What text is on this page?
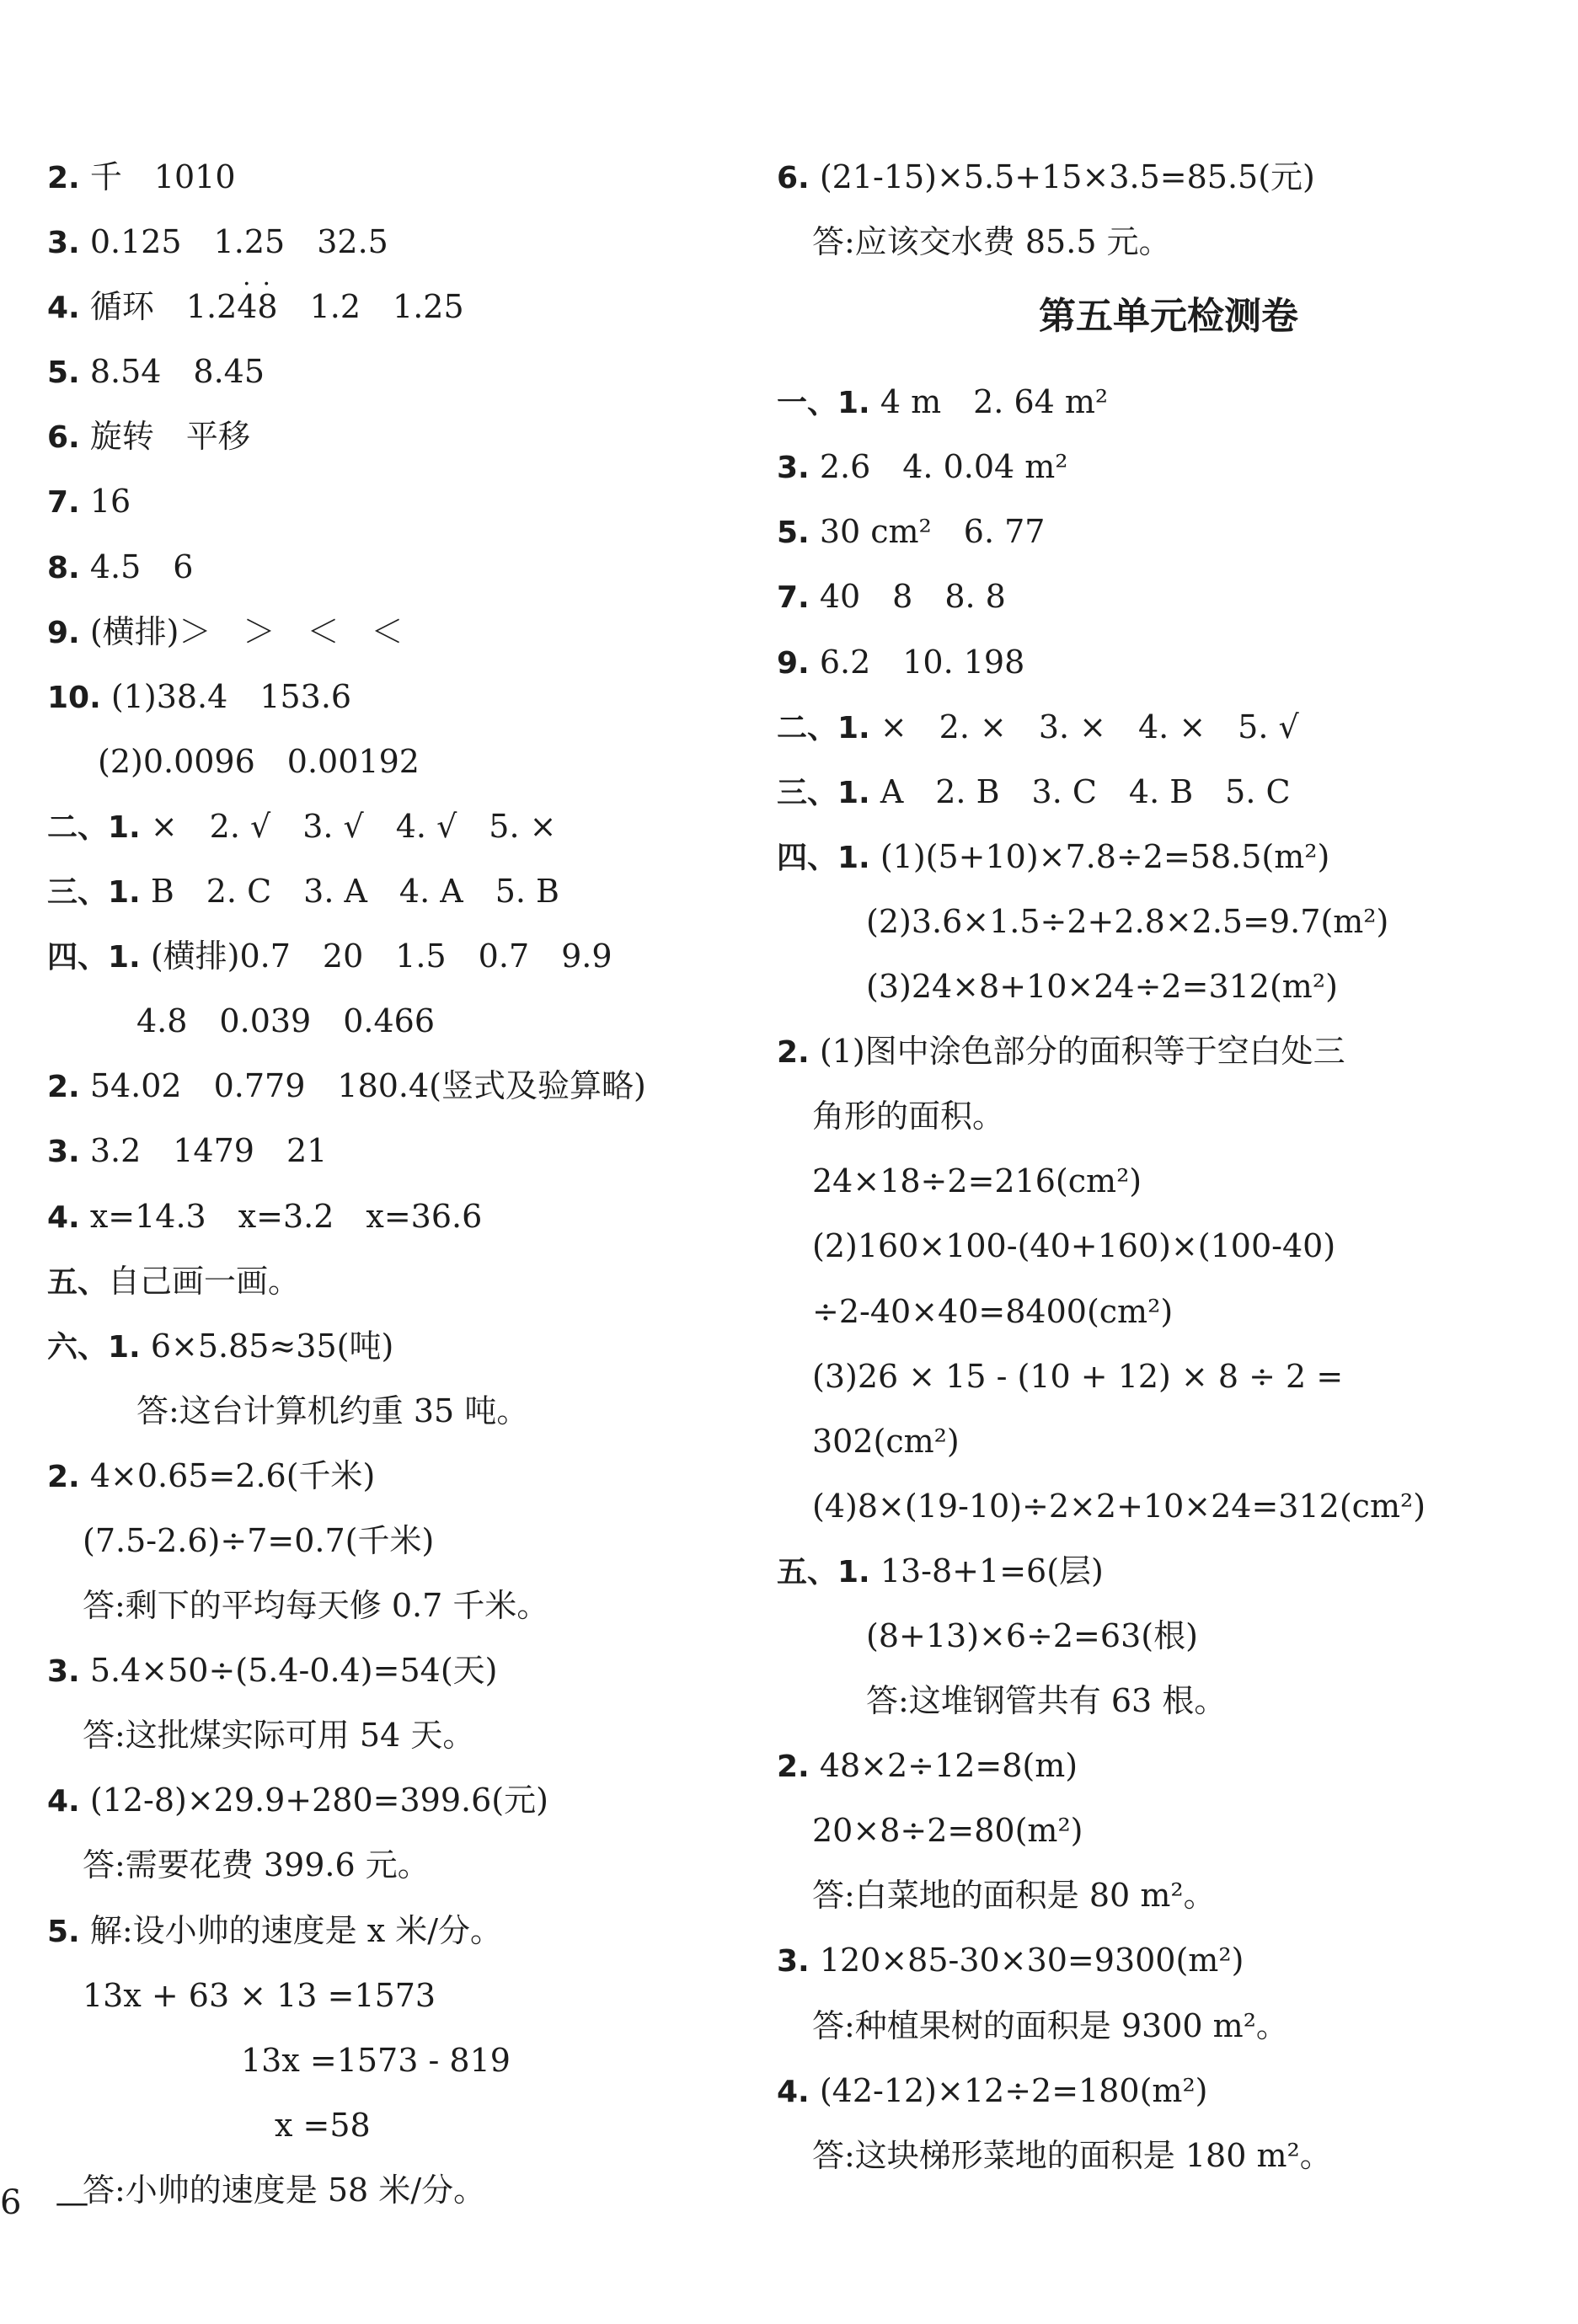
2. 千　1010
3. 0.125　1.25　32.5
4. 循环　1.248　1.2　1.25
..
5. 8.54　8.45
6. 旋转　平移
7. 16
8. 4.5　6
9. (横排)＞　＞　＜　＜
10. (1)38.4　153.6
(2)0.0096　0.00192
二、1. ×　2. √　3. √　4. √　5. ×
三、1. B　2. C　3. A　4. A　5. B
四、1. (横排)0.7　20　1.5　0.7　9.9
4.8　0.039　0.466
2. 54.02　0.779　180.4(竖式及验算略)
3. 3.2　1479　21
4. x=14.3　x=3.2　x=36.6
五、自己画一画。
六、1. 6×5.85≈35(吨)
答:这台计算机约重 35 吨。
2. 4×0.65=2.6(千米)
(7.5-2.6)÷7=0.7(千米)
答:剩下的平均每天修 0.7 千米。
3. 5.4×50÷(5.4-0.4)=54(天)
答:这批煤实际可用 54 天。
4. (12-8)×29.9+280=399.6(元)
答:需要花费 399.6 元。
5. 解:设小帅的速度是 x 米/分。
13x + 63 × 13 =1573
13x =1573 - 819
x =58
答:小帅的速度是 58 米/分。
6. (21-15)×5.5+15×3.5=85.5(元)
答:应该交水费 85.5 元。
第五单元检测卷
一、1. 4 m　2. 64 m²
3. 2.6　4. 0.04 m²
5. 30 cm²　6. 77
7. 40　8　8. 8
9. 6.2　10. 198
二、1. ×　2. ×　3. ×　4. ×　5. √
三、1. A　2. B　3. C　4. B　5. C
四、1. (1)(5+10)×7.8÷2=58.5(m²)
(2)3.6×1.5÷2+2.8×2.5=9.7(m²)
(3)24×8+10×24÷2=312(m²)
2. (1)图中涂色部分的面积等于空白处三
角形的面积。
24×18÷2=216(cm²)
(2)160×100-(40+160)×(100-40)
÷2-40×40=8400(cm²)
(3)26 × 15 - (10 + 12) × 8 ÷ 2 =
302(cm²)
(4)8×(19-10)÷2×2+10×24=312(cm²)
五、1. 13-8+1=6(层)
(8+13)×6÷2=63(根)
答:这堆钢管共有 63 根。
2. 48×2÷12=8(m)
20×8÷2=80(m²)
答:白菜地的面积是 80 m²。
3. 120×85-30×30=9300(m²)
答:种植果树的面积是 9300 m²。
4. (42-12)×12÷2=180(m²)
答:这块梯形菜地的面积是 180 m²。
6　—
